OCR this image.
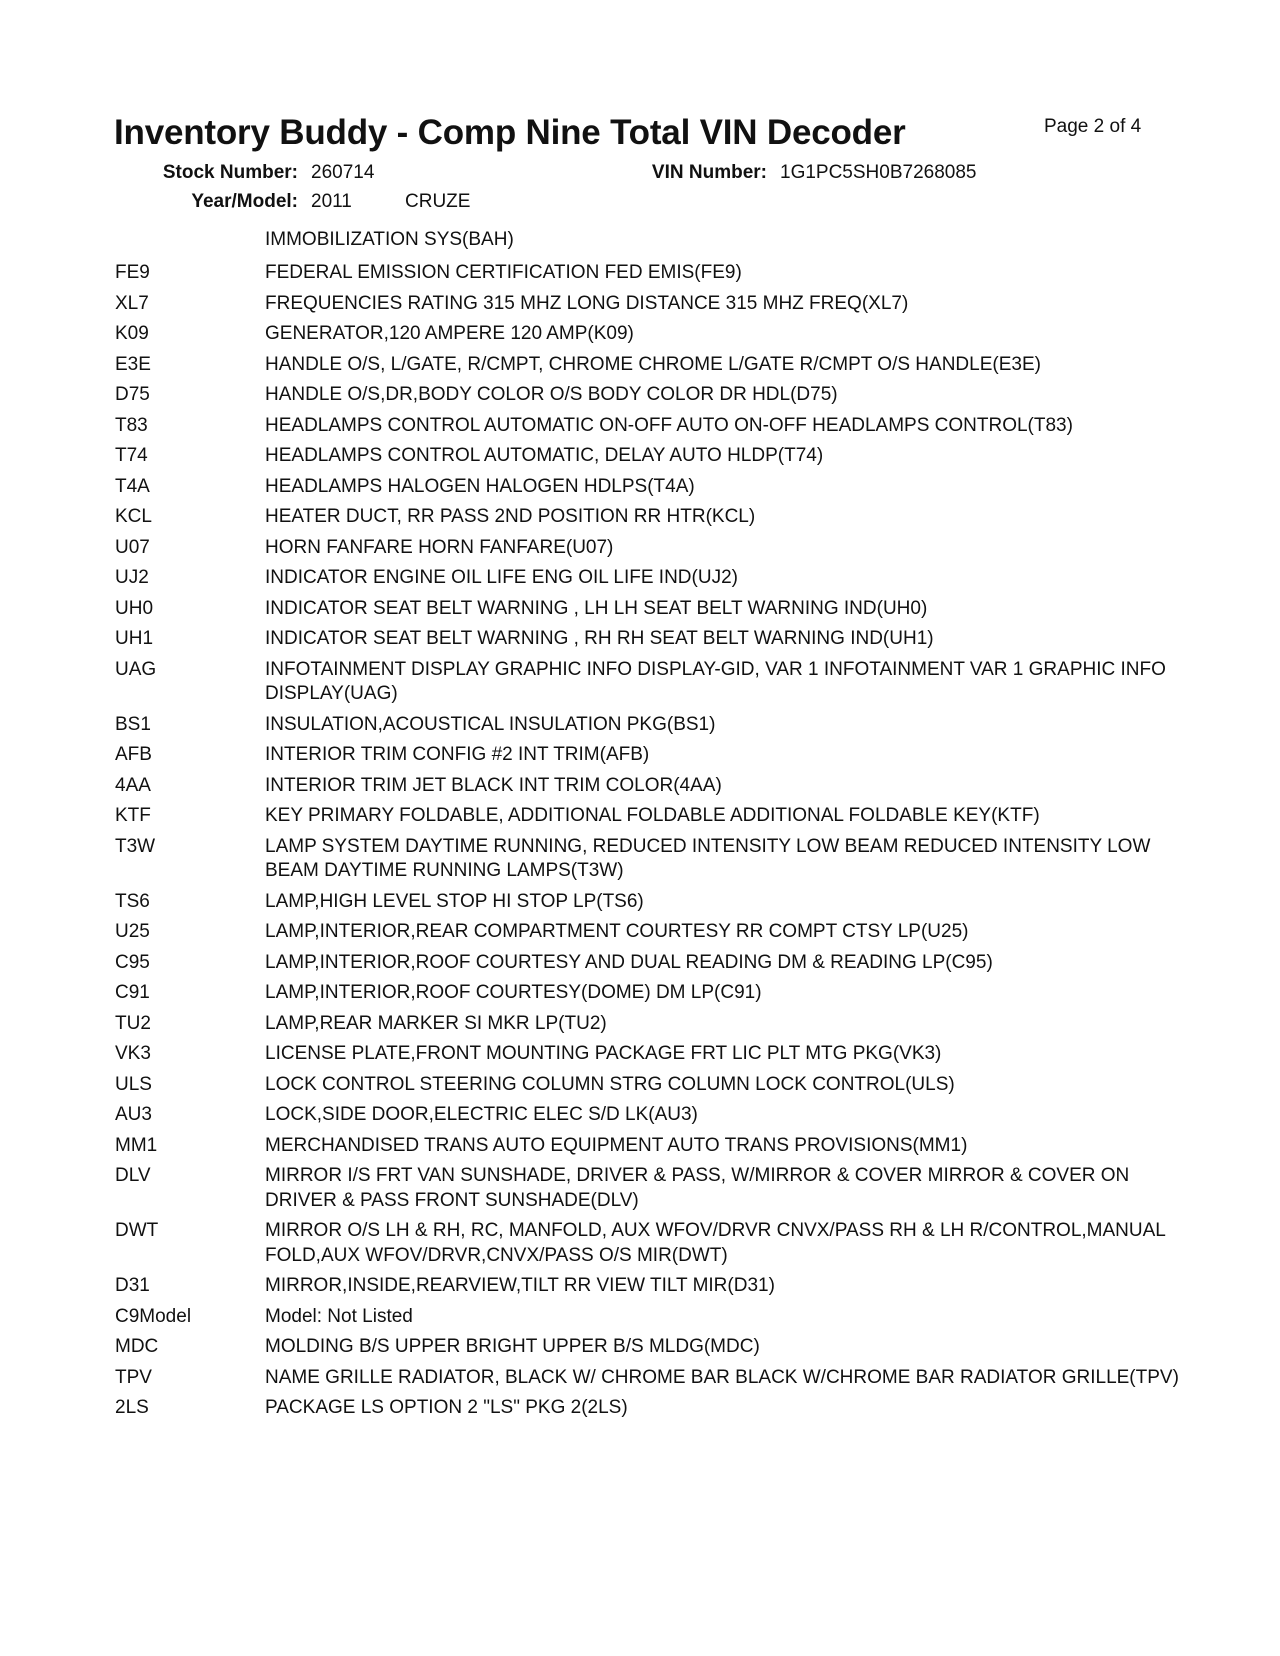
Inventory Buddy - Comp Nine Total VIN Decoder	Page 2 of 4
Stock Number: 260714	VIN Number: 1G1PC5SH0B7268085
Year/Model: 2011	CRUZE
IMMOBILIZATION SYS(BAH)
FE9	FEDERAL EMISSION CERTIFICATION FED EMIS(FE9)
XL7	FREQUENCIES RATING 315 MHZ LONG DISTANCE 315 MHZ FREQ(XL7)
K09	GENERATOR,120 AMPERE 120 AMP(K09)
E3E	HANDLE O/S, L/GATE, R/CMPT, CHROME CHROME L/GATE R/CMPT O/S HANDLE(E3E)
D75	HANDLE O/S,DR,BODY COLOR O/S BODY COLOR DR HDL(D75)
T83	HEADLAMPS CONTROL AUTOMATIC ON-OFF AUTO ON-OFF HEADLAMPS CONTROL(T83)
T74	HEADLAMPS CONTROL AUTOMATIC, DELAY AUTO HLDP(T74)
T4A	HEADLAMPS HALOGEN HALOGEN HDLPS(T4A)
KCL	HEATER DUCT, RR PASS 2ND POSITION RR HTR(KCL)
U07	HORN FANFARE HORN FANFARE(U07)
UJ2	INDICATOR ENGINE OIL LIFE ENG OIL LIFE IND(UJ2)
UH0	INDICATOR SEAT BELT WARNING , LH LH SEAT BELT WARNING IND(UH0)
UH1	INDICATOR SEAT BELT WARNING , RH RH SEAT BELT WARNING IND(UH1)
UAG	INFOTAINMENT DISPLAY GRAPHIC INFO DISPLAY-GID, VAR 1 INFOTAINMENT VAR 1 GRAPHIC INFO DISPLAY(UAG)
BS1	INSULATION,ACOUSTICAL INSULATION PKG(BS1)
AFB	INTERIOR TRIM CONFIG #2 INT TRIM(AFB)
4AA	INTERIOR TRIM JET BLACK INT TRIM COLOR(4AA)
KTF	KEY PRIMARY FOLDABLE, ADDITIONAL FOLDABLE ADDITIONAL FOLDABLE KEY(KTF)
T3W	LAMP SYSTEM DAYTIME RUNNING, REDUCED INTENSITY LOW BEAM REDUCED INTENSITY LOW BEAM DAYTIME RUNNING LAMPS(T3W)
TS6	LAMP,HIGH LEVEL STOP HI STOP LP(TS6)
U25	LAMP,INTERIOR,REAR COMPARTMENT COURTESY RR COMPT CTSY LP(U25)
C95	LAMP,INTERIOR,ROOF COURTESY AND DUAL READING DM & READING LP(C95)
C91	LAMP,INTERIOR,ROOF COURTESY(DOME) DM LP(C91)
TU2	LAMP,REAR MARKER SI MKR LP(TU2)
VK3	LICENSE PLATE,FRONT MOUNTING PACKAGE FRT LIC PLT MTG PKG(VK3)
ULS	LOCK CONTROL STEERING COLUMN STRG COLUMN LOCK CONTROL(ULS)
AU3	LOCK,SIDE DOOR,ELECTRIC ELEC S/D LK(AU3)
MM1	MERCHANDISED TRANS AUTO EQUIPMENT AUTO TRANS PROVISIONS(MM1)
DLV	MIRROR I/S FRT VAN SUNSHADE, DRIVER & PASS, W/MIRROR & COVER MIRROR & COVER ON DRIVER & PASS FRONT SUNSHADE(DLV)
DWT	MIRROR O/S LH & RH, RC, MANFOLD, AUX WFOV/DRVR CNVX/PASS RH & LH R/CONTROL,MANUAL FOLD,AUX WFOV/DRVR,CNVX/PASS O/S MIR(DWT)
D31	MIRROR,INSIDE,REARVIEW,TILT RR VIEW TILT MIR(D31)
C9Model	Model: Not Listed
MDC	MOLDING B/S UPPER BRIGHT UPPER B/S MLDG(MDC)
TPV	NAME GRILLE RADIATOR, BLACK W/ CHROME BAR BLACK W/CHROME BAR RADIATOR GRILLE(TPV)
2LS	PACKAGE LS OPTION 2 "LS" PKG 2(2LS)
